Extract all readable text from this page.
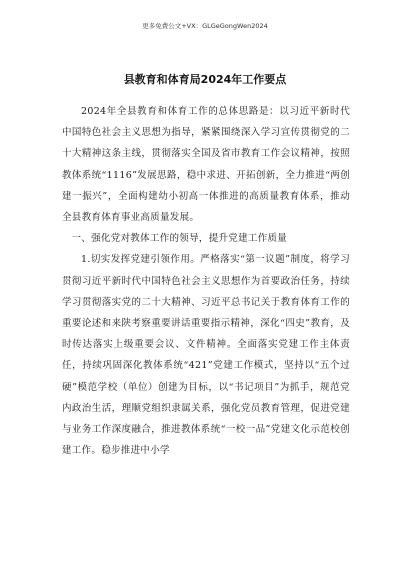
更多免费公文+VX：GLGeGongWen2024
县教育和体育局2024年工作要点

2024年全县教育和体育工作的总体思路是：以习近平新时代中国特色社会主义思想为指导，紧紧围绕深入学习宣传贯彻党的二十大精神这条主线，贯彻落实全国及省市教育工作会议精神，按照教体系统“1116”发展思路，稳中求进、开拓创新，全力推进“两创建一振兴”，全面构建幼小初高一体推进的高质量教育体系，推动全县教育体育事业高质量发展。

一、强化党对教体工作的领导，提升党建工作质量

1.切实发挥党建引领作用。严格落实“第一议题”制度，将学习贯彻习近平新时代中国特色社会主义思想作为首要政治任务，持续学习贯彻落实党的二十大精神、习近平总书记关于教育体育工作的重要论述和来陕考察重要讲话重要指示精神，深化“四史”教育，及时传达落实上级重要会议、文件精神。全面落实党建工作主体责任，持续巩固深化教体系统“421”党建工作模式，坚持以“五个过硬”模范学校（单位）创建为目标，以“书记项目”为抓手，规范党内政治生活，理顺党组织隶属关系，强化党员教育管理，促进党建与业务工作深度融合，推进教体系统“一校一品”党建文化示范校创建工作。稳步推进中小学
